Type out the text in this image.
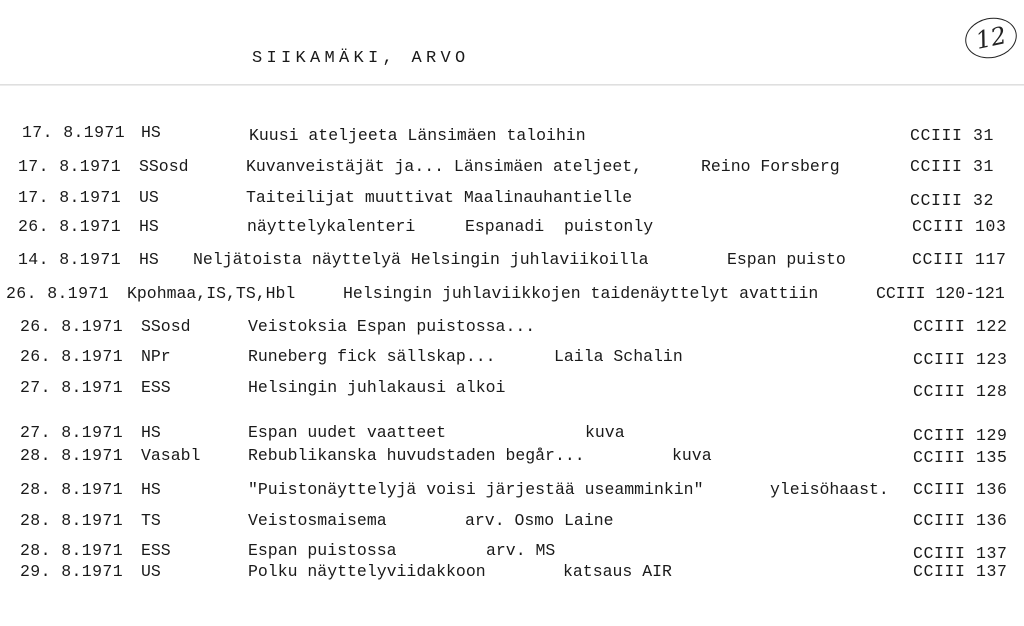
12
SIIKAMÄKI, ARVO
17. 8.1971 HS	Kuusi ateljeeta Länsimäen taloihin	CCIII 31
17. 8.1971 SSosd	Kuvanveistäjät ja... Länsimäen ateljeet,	Reino Forsberg	CCIII 31
17. 8.1971 US	Taiteilijat muuttivat Maalinauhantielle	CCIII 32
26. 8.1971 HS	näyttelykalenteri	Espanadi  puistonly	CCIII 103
14. 8.1971 HS Neljätoista näyttelyä Helsingin juhlaviikoilla	Espan puisto	CCIII 117
26. 8.1971 Kpohmaa,IS,TS,Hbl	Helsingin juhlaviikkojen taidenäyttelyt avattiin	CCIII 120-121
26. 8.1971 SSosd	Veistoksia Espan puistossa...	CCIII 122
26. 8.1971 NPr	Runeberg fick sällskap...	Laila Schalin	CCIII 123
27. 8.1971 ESS	Helsingin juhlakausi alkoi	CCIII 128
27. 8.1971 HS	Espan uudet vaatteet	kuva	CCIII 129
28. 8.1971 Vasabl	Rebublikanska huvudstaden begår...	kuva	CCIII 135
28. 8.1971 HS	"Puistonäyttelyjä voisi järjestää useamminkin"	yleisöhaast. CCIII 136
28. 8.1971 TS	Veistosmaisema	arv. Osmo Laine	CCIII 136
28. 8.1971 ESS	Espan puistossa	arv. MS	CCIII 137
29. 8.1971 US	Polku näyttelyviidakkoon	katsaus AIR	CCIII 137
